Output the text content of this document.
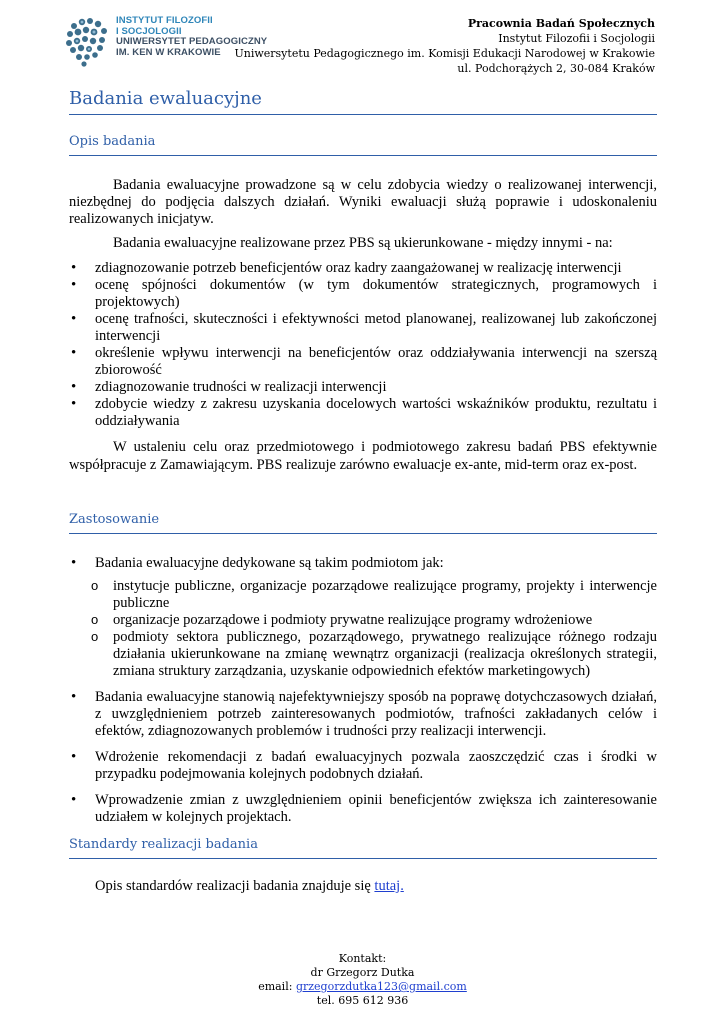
INSTYTUT FILOZOFII
I SOCJOLOGII
UNIWERSYTET PEDAGOGICZNY
IM. KEN W KRAKOWIE
Pracownia Badań Społecznych
Instytut Filozofii i Socjologii
Uniwersytetu Pedagogicznego im. Komisji Edukacji Narodowej w Krakowie
ul. Podchorążych 2, 30-084 Kraków
Badania ewaluacyjne
Opis badania

Badania ewaluacyjne prowadzone są w celu zdobycia wiedzy o realizowanej interwencji, niezbędnej do podjęcia dalszych działań. Wyniki ewaluacji służą poprawie i udoskonaleniu realizowanych inicjatyw.

Badania ewaluacyjne realizowane przez PBS są ukierunkowane - między innymi - na:

• zdiagnozowanie potrzeb beneficjentów oraz kadry zaangażowanej w realizację interwencji
• ocenę spójności dokumentów (w tym dokumentów strategicznych, programowych i projektowych)
• ocenę trafności, skuteczności i efektywności metod planowanej, realizowanej lub zakończonej interwencji
• określenie wpływu interwencji na beneficjentów oraz oddziaływania interwencji na szerszą zbiorowość
• zdiagnozowanie trudności w realizacji interwencji
• zdobycie wiedzy z zakresu uzyskania docelowych wartości wskaźników produktu, rezultatu i oddziaływania

W ustaleniu celu oraz przedmiotowego i podmiotowego zakresu badań PBS efektywnie współpracuje z Zamawiającym. PBS realizuje zarówno ewaluacje ex-ante, mid-term oraz ex-post.

Zastosowanie
• Badania ewaluacyjne dedykowane są takim podmiotom jak:
o instytucje publiczne, organizacje pozarządowe realizujące programy, projekty i interwencje publiczne
o organizacje pozarządowe i podmioty prywatne realizujące programy wdrożeniowe
o podmioty sektora publicznego, pozarządowego, prywatnego realizujące różnego rodzaju działania ukierunkowane na zmianę wewnątrz organizacji (realizacja określonych strategii, zmiana struktury zarządzania, uzyskanie odpowiednich efektów marketingowych)
• Badania ewaluacyjne stanowią najefektywniejszy sposób na poprawę dotychczasowych działań, z uwzględnieniem potrzeb zainteresowanych podmiotów, trafności zakładanych celów i efektów, zdiagnozowanych problemów i trudności przy realizacji interwencji.
• Wdrożenie rekomendacji z badań ewaluacyjnych pozwala zaoszczędzić czas i środki w przypadku podejmowania kolejnych podobnych działań.
• Wprowadzenie zmian z uwzględnieniem opinii beneficjentów zwiększa ich zainteresowanie udziałem w kolejnych projektach.
Standardy realizacji badania
Opis standardów realizacji badania znajduje się tutaj.
Kontakt:
dr Grzegorz Dutka
email: grzegorzdutka123@gmail.com
tel. 695 612 936
